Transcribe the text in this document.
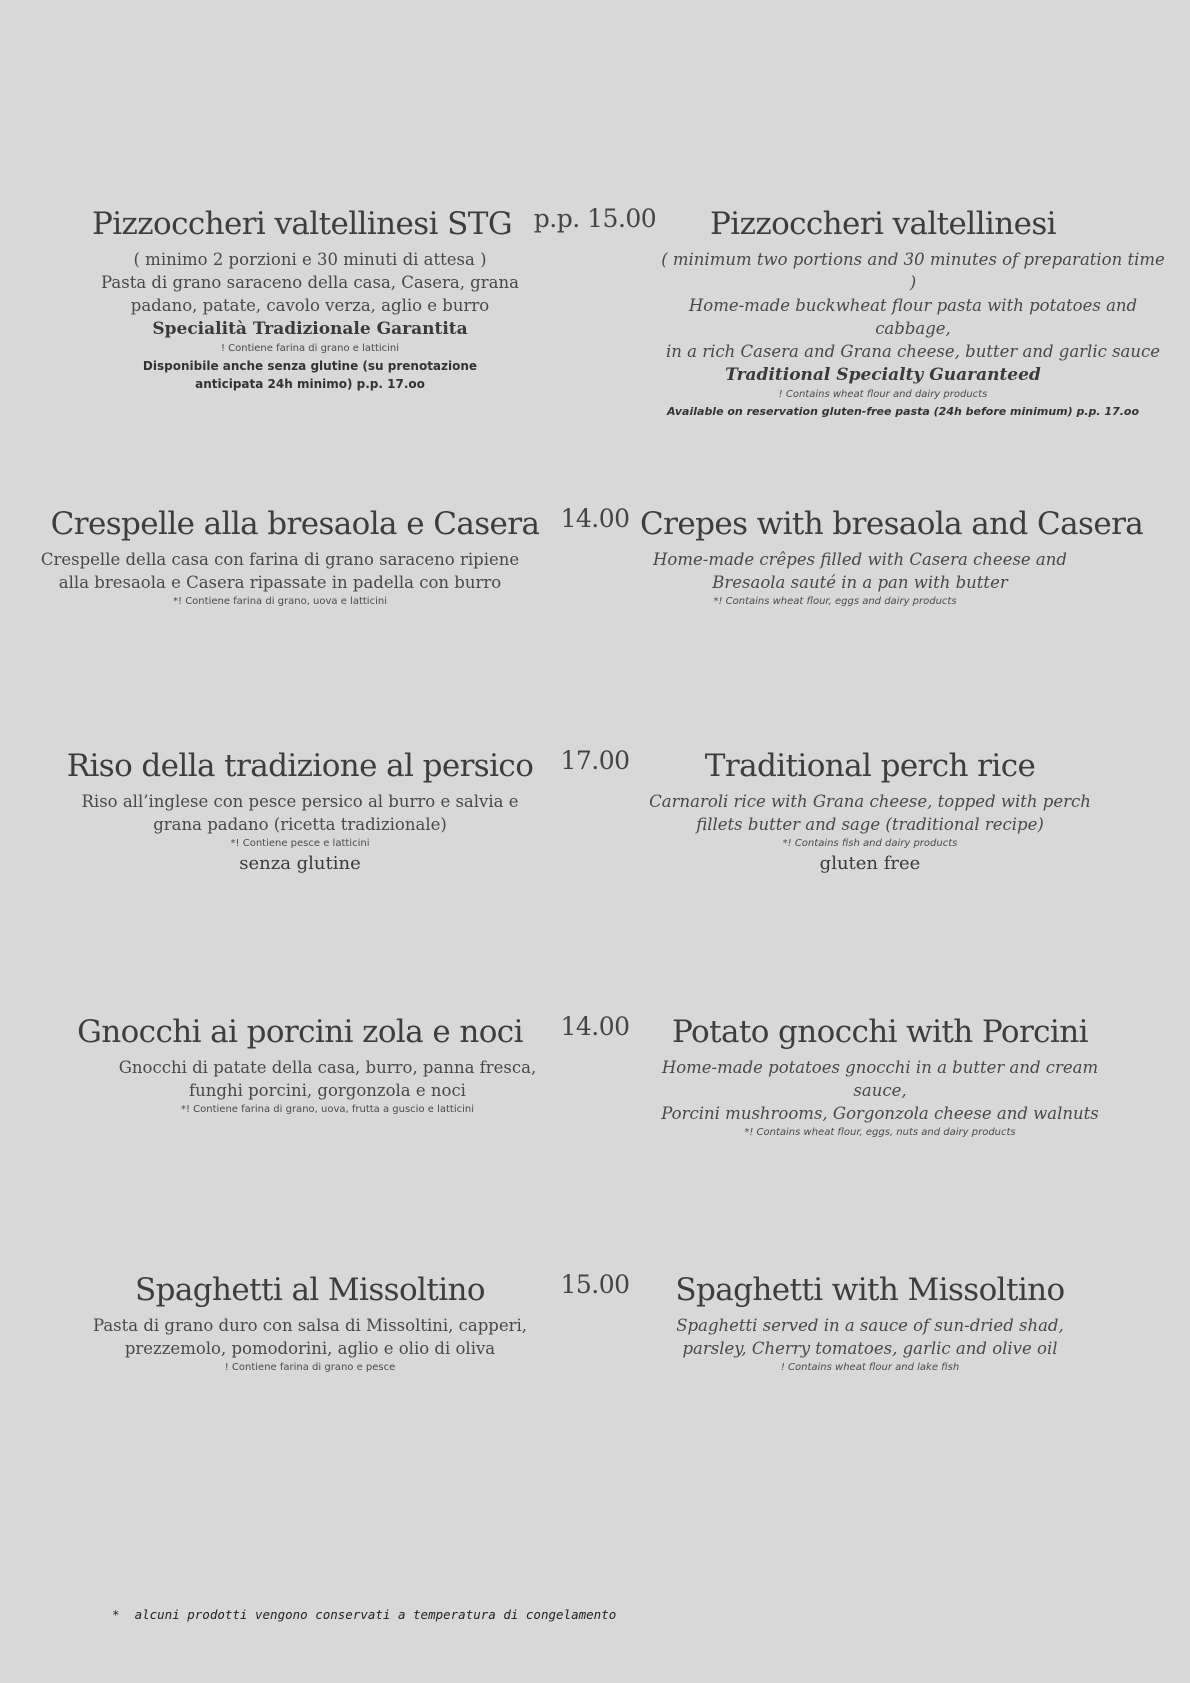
Pizzoccheri valtellinesi STG
( minimo 2 porzioni e 30 minuti di attesa )
Pasta di grano saraceno della casa, Casera, grana
padano, patate, cavolo verza, aglio e burro
Specialità Tradizionale Garantita
! Contiene farina di grano e latticini
Disponibile anche senza glutine (su prenotazione anticipata 24h minimo) p.p. 17.oo
p.p. 15.00	Pizzoccheri valtellinesi
( minimum two portions and 30 minutes of preparation time )
Home-made buckwheat flour pasta with potatoes and cabbage,
in a rich Casera and Grana cheese, butter and garlic sauce
Traditional Specialty Guaranteed
! Contains wheat flour and dairy products
Available on reservation gluten-free pasta (24h before minimum) p.p. 17.oo
Crespelle alla bresaola e Casera
Crespelle della casa con farina di grano saraceno ripiene
alla bresaola e Casera ripassate in padella con burro
*! Contiene farina di grano, uova e latticini
14.00 Crepes with bresaola and Casera
Home-made crêpes filled with Casera cheese and
Bresaola sauté in a pan with butter
*! Contains wheat flour, eggs and dairy products
Riso della tradizione al persico
Riso all’inglese con pesce persico al burro e salvia e
grana padano (ricetta tradizionale)
*! Contiene pesce e latticini
senza glutine
17.00	Traditional perch rice
Carnaroli rice with Grana cheese, topped with perch
fillets butter and sage (traditional recipe)
*! Contains fish and dairy products
gluten free
Gnocchi ai porcini zola e noci
Gnocchi di patate della casa, burro, panna fresca,
funghi porcini, gorgonzola e noci
*! Contiene farina di grano, uova, frutta a guscio e latticini
14.00	Potato gnocchi with Porcini
Home-made potatoes gnocchi in a butter and cream sauce,
Porcini mushrooms, Gorgonzola cheese and walnuts
*! Contains wheat flour, eggs, nuts and dairy products
Spaghetti al Missoltino
Pasta di grano duro con salsa di Missoltini, capperi,
prezzemolo, pomodorini, aglio e olio di oliva
! Contiene farina di grano e pesce
15.00	Spaghetti with Missoltino
Spaghetti served in a sauce of sun-dried shad,
parsley, Cherry tomatoes, garlic and olive oil
! Contains wheat flour and lake fish
*  alcuni prodotti vengono conservati a temperatura di congelamento
